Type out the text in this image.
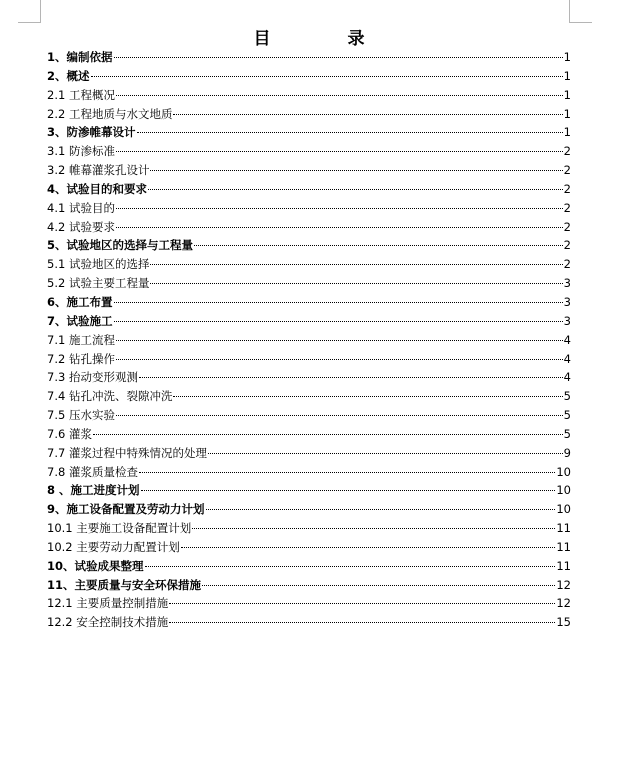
目　录
1、编制依据	1
2、概述	1
2.1 工程概况	1
2.2 工程地质与水文地质	1
3、防渗帷幕设计	1
3.1 防渗标准	2
3.2 帷幕灌浆孔设计	2
4、试验目的和要求	2
4.1 试验目的	2
4.2 试验要求	2
5、试验地区的选择与工程量	2
5.1 试验地区的选择	2
5.2 试验主要工程量	3
6、施工布置	3
7、试验施工	3
7.1 施工流程	4
7.2 钻孔操作	4
7.3 抬动变形观测	4
7.4 钻孔冲洗、裂隙冲洗	5
7.5 压水实验	5
7.6 灌浆	5
7.7 灌浆过程中特殊情况的处理	9
7.8 灌浆质量检查	10
8 、施工进度计划	10
9、施工设备配置及劳动力计划	10
10.1 主要施工设备配置计划	11
10.2 主要劳动力配置计划	11
10、试验成果整理	11
11、主要质量与安全环保措施	12
12.1 主要质量控制措施	12
12.2 安全控制技术措施	15
